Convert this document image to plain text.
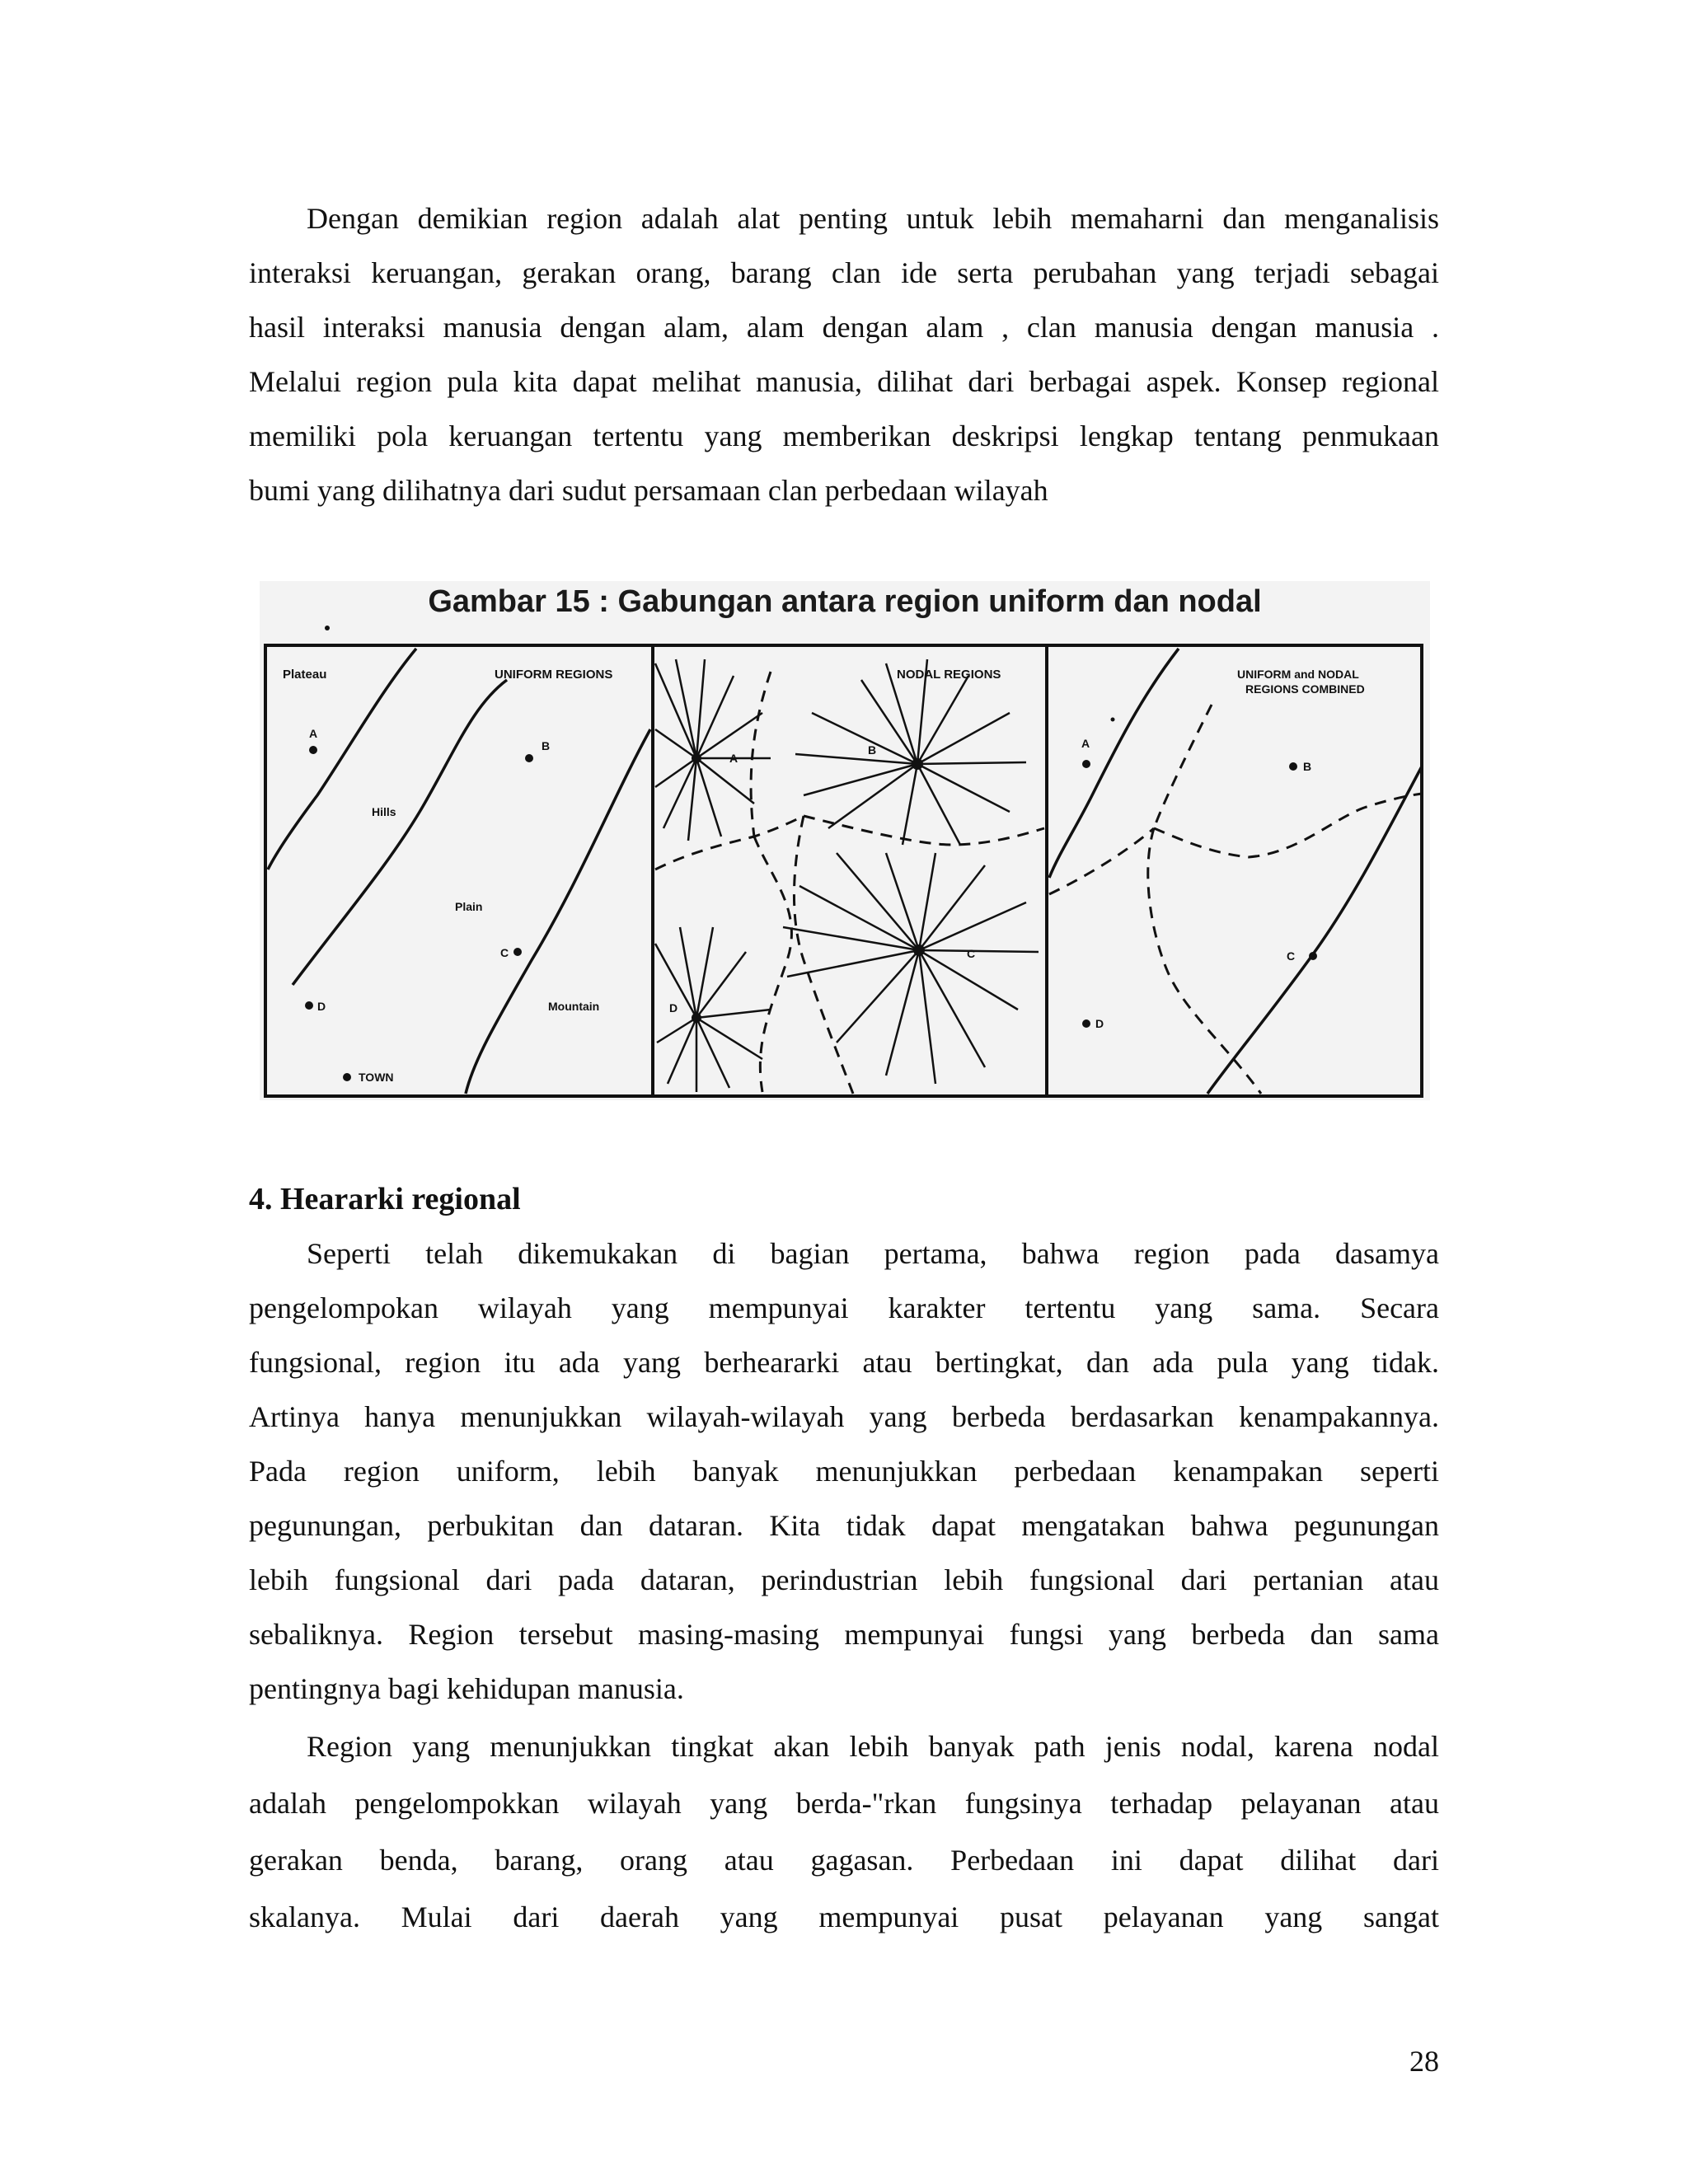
Dengan demikian region adalah alat penting untuk lebih memaharni dan menganalisis
interaksi keruangan, gerakan orang, barang clan ide serta perubahan yang terjadi sebagai
hasil interaksi manusia dengan alam, alam dengan alam , clan manusia dengan manusia .
Melalui region pula kita dapat melihat manusia, dilihat dari berbagai aspek. Konsep regional
memiliki pola keruangan tertentu yang memberikan deskripsi lengkap tentang penmukaan
bumi yang dilihatnya dari sudut persamaan clan perbedaan wilayah
Plateau	UNIFORM REGIONS
A
B
Hills
Plain
C
Mountain
D
TOWN
NODAL REGIONS
A
B
C
D
UNIFORM and NODAL
REGIONS COMBINED
A
B
C
D
Gambar 15 : Gabungan antara region uniform dan nodal
4. Heararki regional
Seperti telah dikemukakan di bagian pertama, bahwa region pada dasamya
pengelompokan wilayah yang mempunyai karakter tertentu yang sama. Secara
fungsional, region itu ada yang berheararki atau bertingkat, dan ada pula yang tidak.
Artinya hanya menunjukkan wilayah-wilayah yang berbeda berdasarkan kenampakannya.
Pada region uniform, lebih banyak menunjukkan perbedaan kenampakan seperti
pegunungan, perbukitan dan dataran. Kita tidak dapat mengatakan bahwa pegunungan
lebih fungsional dari pada dataran, perindustrian lebih fungsional dari pertanian atau
sebaliknya. Region tersebut masing-masing mempunyai fungsi yang berbeda dan sama
pentingnya bagi kehidupan manusia.
Region yang menunjukkan tingkat akan lebih banyak path jenis nodal, karena nodal
adalah pengelompokkan wilayah yang berda-"rkan fungsinya terhadap pelayanan atau
gerakan benda, barang, orang atau gagasan. Perbedaan ini dapat dilihat dari
skalanya. Mulai dari daerah yang mempunyai pusat pelayanan yang sangat
28
